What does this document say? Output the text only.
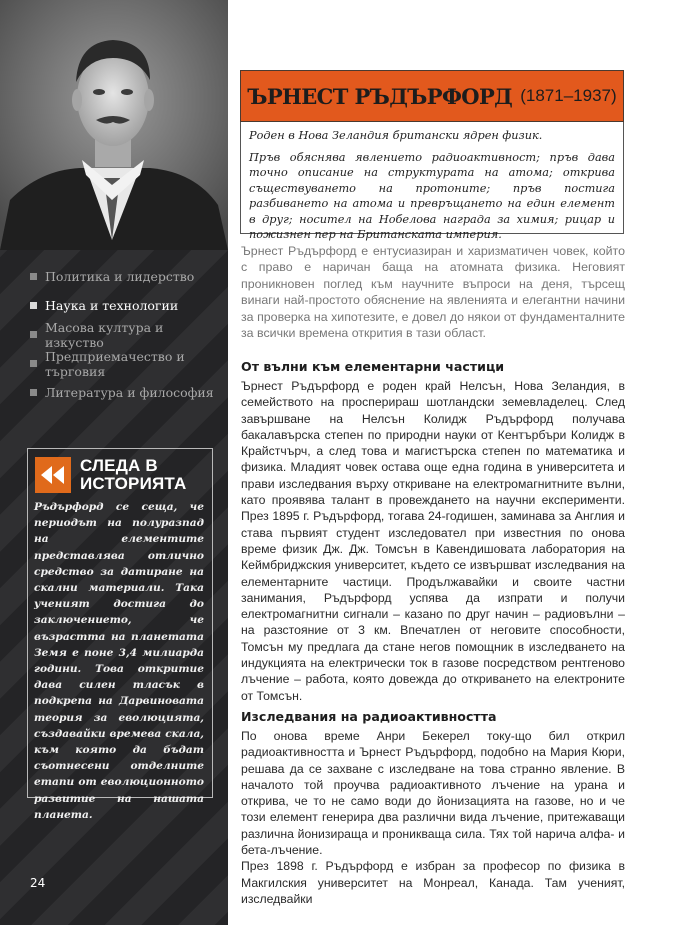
Политика и лидерство
Наука и технологии
Масова култура и изкуство
Предприемачество и търговия
Литература и философия
СЛЕДА В
ИСТОРИЯТА
Ръдърфорд се сеща, че периодът на полуразпад на елементите представлява отлично средство за датиране на скални материали. Така ученият достига до заключението, че възрастта на планетата Земя е поне 3,4 милиарда години. Това откритие дава силен тласък в подкрепа на Дарвиновата теория за еволюцията, създавайки времева скала, към която да бъдат съотнесени отделните етапи от еволюционното развитие на нашата планета.
24
ЪРНЕСТ РЪДЪРФОРД (1871–1937)
Роден в Нова Зеландия британски ядрен физик.
Пръв обяснява явлението радиоактивност; пръв дава точно описание на структурата на атома; открива съществуването на протоните; пръв постига разбиването на атома и превръщането на един елемент в друг; носител на Нобелова награда за химия; рицар и пожизнен пер на Британската империя.
Ърнест Ръдърфорд е ентусиазиран и харизматичен човек, който с право е наричан баща на атомната физика. Неговият проникновен поглед към научните въпроси на деня, търсещ винаги най-простото обяснение на явленията и елегантни начини за проверка на хипотезите, е довел до някои от фундаменталните за всички времена открития в тази област.
От вълни към елементарни частици
Ърнест Ръдърфорд е роден край Нелсън, Нова Зеландия, в семейството на просперираш шотландски земевладелец. След завършване на Нелсън Колидж Ръдърфорд получава бакалавърска степен по природни науки от Кентърбъри Колидж в Крайстчърч, а след това и магистърска степен по математика и физика. Младият човек остава още една година в университета и прави изследвания върху откриване на електромагнитните вълни, като проявява талант в провеждането на научни експерименти. През 1895 г. Ръдърфорд, тогава 24-годишен, заминава за Англия и става първият студент изследовател при известния по онова време физик Дж. Дж. Томсън в Кавендишовата лаборатория на Кеймбриджския университет, където се извършват изследвания на елементарните частици. Продължавайки и своите частни занимания, Ръдърфорд успява да изпрати и получи електромагнитни сигнали – казано по друг начин – радиовълни – на разстояние от 3 км. Впечатлен от неговите способности, Томсън му предлага да стане негов помощник в изследването на индукцията на електрически ток в газове посредством рентгеново лъчение – работа, която довежда до откриването на електроните от Томсън.
Изследвания на радиоактивността

По онова време Анри Бекерел току-що бил открил радиоактивността и Ърнест Ръдърфорд, подобно на Мария Кюри, решава да се захване с изследване на това странно явление. В началото той проучва радиоактивното лъчение на урана и открива, че то не само води до йонизацията на газове, но и че този елемент генерира два различни вида лъчение, притежаващи различна йонизираща и проникваща сила. Тях той нарича алфа- и бета-лъчение.

През 1898 г. Ръдърфорд е избран за професор по физика в Макгилския университет на Монреал, Канада. Там ученият, изследвайки
